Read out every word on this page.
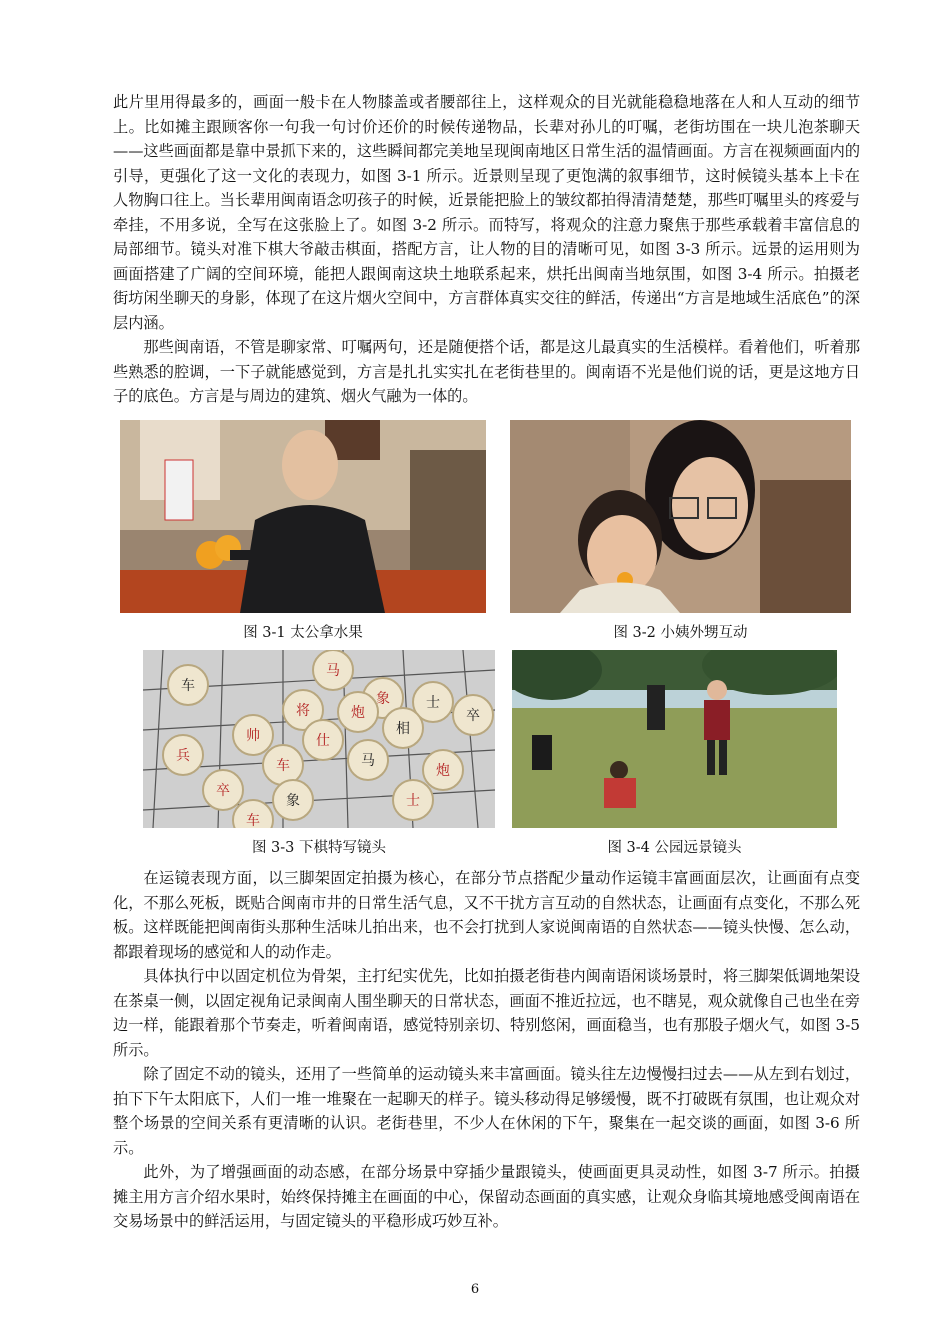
此片里用得最多的，画面一般卡在人物膝盖或者腰部往上，这样观众的目光就能稳稳地落在人和人互动的细节上。比如摊主跟顾客你一句我一句讨价还价的时候传递物品，长辈对孙儿的叮嘱，老街坊围在一块儿泡茶聊天——这些画面都是靠中景抓下来的，这些瞬间都完美地呈现闽南地区日常生活的温情画面。方言在视频画面内的引导，更强化了这一文化的表现力，如图 3-1 所示。近景则呈现了更饱满的叙事细节，这时候镜头基本上卡在人物胸口往上。当长辈用闽南语念叨孩子的时候，近景能把脸上的皱纹都拍得清清楚楚，那些叮嘱里头的疼爱与牵挂，不用多说，全写在这张脸上了。如图 3-2 所示。而特写，将观众的注意力聚焦于那些承载着丰富信息的局部细节。镜头对准下棋大爷敲击棋面，搭配方言，让人物的目的清晰可见，如图 3-3 所示。远景的运用则为画面搭建了广阔的空间环境，能把人跟闽南这块土地联系起来，烘托出闽南当地氛围，如图 3-4 所示。拍摄老街坊闲坐聊天的身影，体现了在这片烟火空间中，方言群体真实交往的鲜活，传递出“方言是地域生活底色”的深层内涵。

那些闽南语，不管是聊家常、叮嘱两句，还是随便搭个话，都是这儿最真实的生活模样。看着他们，听着那些熟悉的腔调，一下子就能感觉到，方言是扎扎实实扎在老街巷里的。闽南语不光是他们说的话，更是这地方日子的底色。方言是与周边的建筑、烟火气融为一体的。

图 3-1 太公拿水果	图 3-2 小姨外甥互动
车
马
象	士
将	炮	卒
帅	仕
相
兵
车	马
炮
卒
象	士
车
图 3-3 下棋特写镜头	图 3-4 公园远景镜头

在运镜表现方面，以三脚架固定拍摄为核心，在部分节点搭配少量动作运镜丰富画面层次，让画面有点变化，不那么死板，既贴合闽南市井的日常生活气息，又不干扰方言互动的自然状态，让画面有点变化，不那么死板。这样既能把闽南街头那种生活味儿拍出来，也不会打扰到人家说闽南语的自然状态——镜头快慢、怎么动，都跟着现场的感觉和人的动作走。

具体执行中以固定机位为骨架，主打纪实优先，比如拍摄老街巷内闽南语闲谈场景时，将三脚架低调地架设在茶桌一侧，以固定视角记录闽南人围坐聊天的日常状态，画面不推近拉远，也不瞎晃，观众就像自己也坐在旁边一样，能跟着那个节奏走，听着闽南语，感觉特别亲切、特别悠闲，画面稳当，也有那股子烟火气，如图 3-5 所示。

除了固定不动的镜头，还用了一些简单的运动镜头来丰富画面。镜头往左边慢慢扫过去——从左到右划过，拍下下午太阳底下，人们一堆一堆聚在一起聊天的样子。镜头移动得足够缓慢，既不打破既有氛围，也让观众对整个场景的空间关系有更清晰的认识。老街巷里，不少人在休闲的下午，聚集在一起交谈的画面，如图 3-6 所示。

此外，为了增强画面的动态感，在部分场景中穿插少量跟镜头，使画面更具灵动性，如图 3-7 所示。拍摄摊主用方言介绍水果时，始终保持摊主在画面的中心，保留动态画面的真实感，让观众身临其境地感受闽南语在交易场景中的鲜活运用，与固定镜头的平稳形成巧妙互补。

6
